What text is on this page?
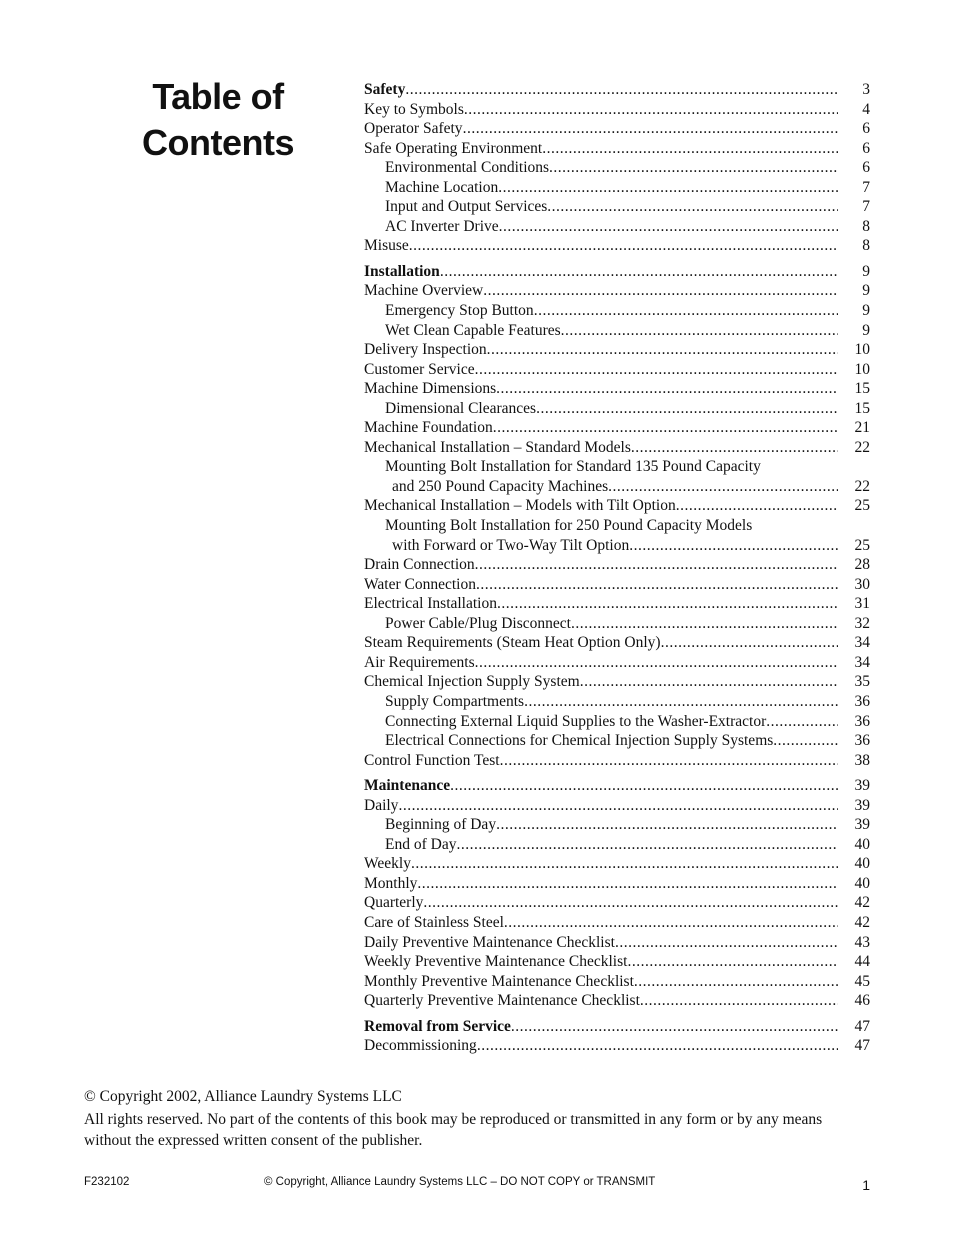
Table of
Contents
Safety .....	3
Key to Symbols .....	4
Operator Safety .....	6
Safe Operating Environment .....	6
Environmental Conditions .....	6
Machine Location .....	7
Input and Output Services .....	7
AC Inverter Drive .....	8
Misuse .....	8
Installation .....	9
Machine Overview .....	9
Emergency Stop Button .....	9
Wet Clean Capable Features .....	9
Delivery Inspection .....	10
Customer Service .....	10
Machine Dimensions .....	15
Dimensional Clearances .....	15
Machine Foundation .....	21
Mechanical Installation – Standard Models .....	22
Mounting Bolt Installation for Standard 135 Pound Capacity
and 250 Pound Capacity Machines .....	22
Mechanical Installation – Models with Tilt Option .....	25
Mounting Bolt Installation for 250 Pound Capacity Models
with Forward or Two-Way Tilt Option .....	25
Drain Connection .....	28
Water Connection .....	30
Electrical Installation .....	31
Power Cable/Plug Disconnect .....	32
Steam Requirements (Steam Heat Option Only) .....	34
Air Requirements .....	34
Chemical Injection Supply System .....	35
Supply Compartments .....	36
Connecting External Liquid Supplies to the Washer-Extractor .....	36
Electrical Connections for Chemical Injection Supply Systems .....	36
Control Function Test .....	38
Maintenance .....	39
Daily .....	39
Beginning of Day .....	39
End of Day .....	40
Weekly .....	40
Monthly .....	40
Quarterly .....	42
Care of Stainless Steel .....	42
Daily Preventive Maintenance Checklist .....	43
Weekly Preventive Maintenance Checklist .....	44
Monthly Preventive Maintenance Checklist .....	45
Quarterly Preventive Maintenance Checklist .....	46
Removal from Service .....	47
Decommissioning .....	47

© Copyright 2002, Alliance Laundry Systems LLC

All rights reserved. No part of the contents of this book may be reproduced or transmitted in any form or by any means without the expressed written consent of the publisher.

F232102	© Copyright, Alliance Laundry Systems LLC – DO NOT COPY or TRANSMIT	1
